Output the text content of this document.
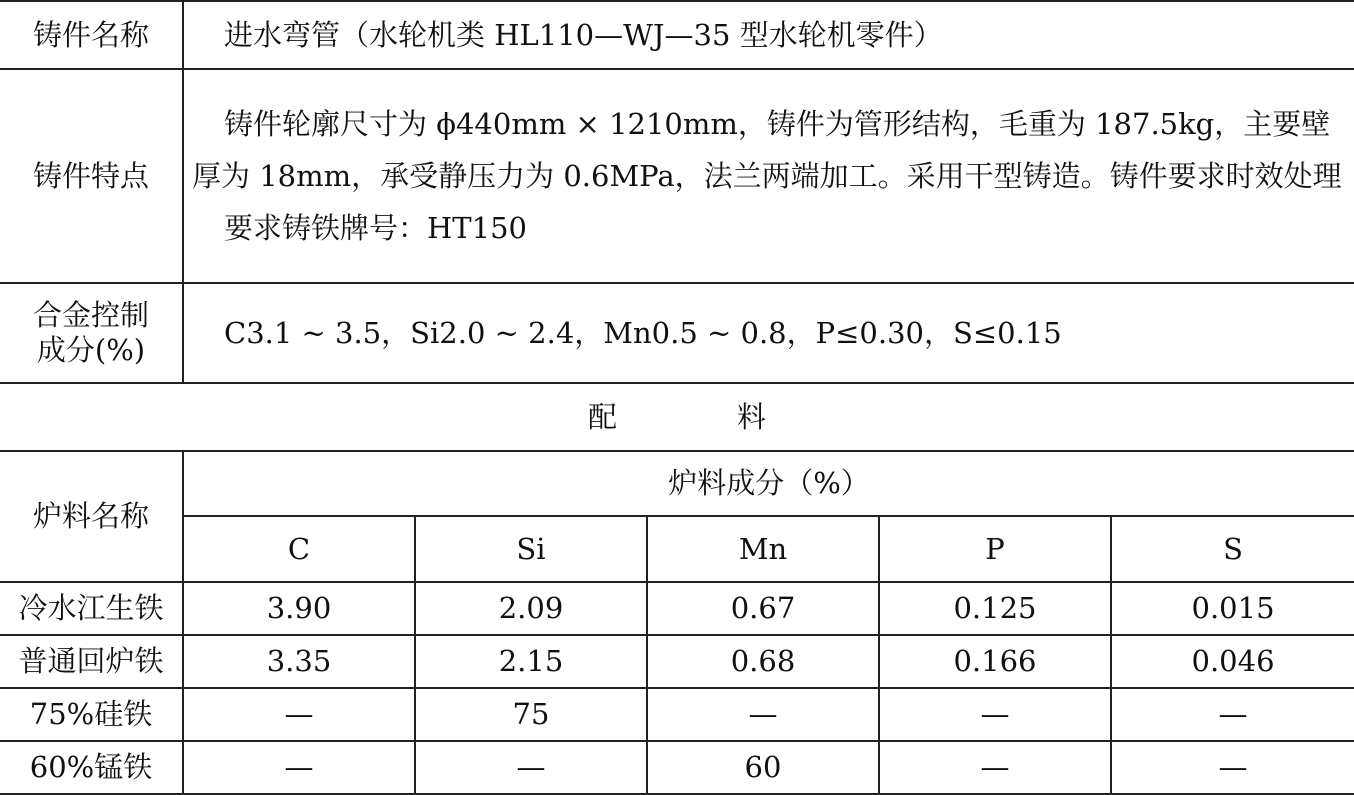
铸件名称	进水弯管（水轮机类 HL110—WJ—35 型水轮机零件）				
铸件特点	铸件轮廓尺寸为 ϕ440mm × 1210mm，铸件为管形结构，毛重为 187.5kg，主要壁厚为 18mm，承受静压力为 0.6MPa，法兰两端加工。采用干型铸造。铸件要求时效处理

要求铸铁牌号：HT150				

合金控制
成分(%)	C3.1 ~ 3.5，Si2.0 ~ 2.4，Mn0.5 ~ 0.8，P≤0.30，S≤0.15				
配 料					
炉料名称	炉料成分（%）				
	C	Si	Mn	P	S
冷水江生铁	3.90	2.09	0.67	0.125	0.015
普通回炉铁	3.35	2.15	0.68	0.166	0.046
75%硅铁	—	75	—	—	—
60%锰铁	—	—	60	—	—
